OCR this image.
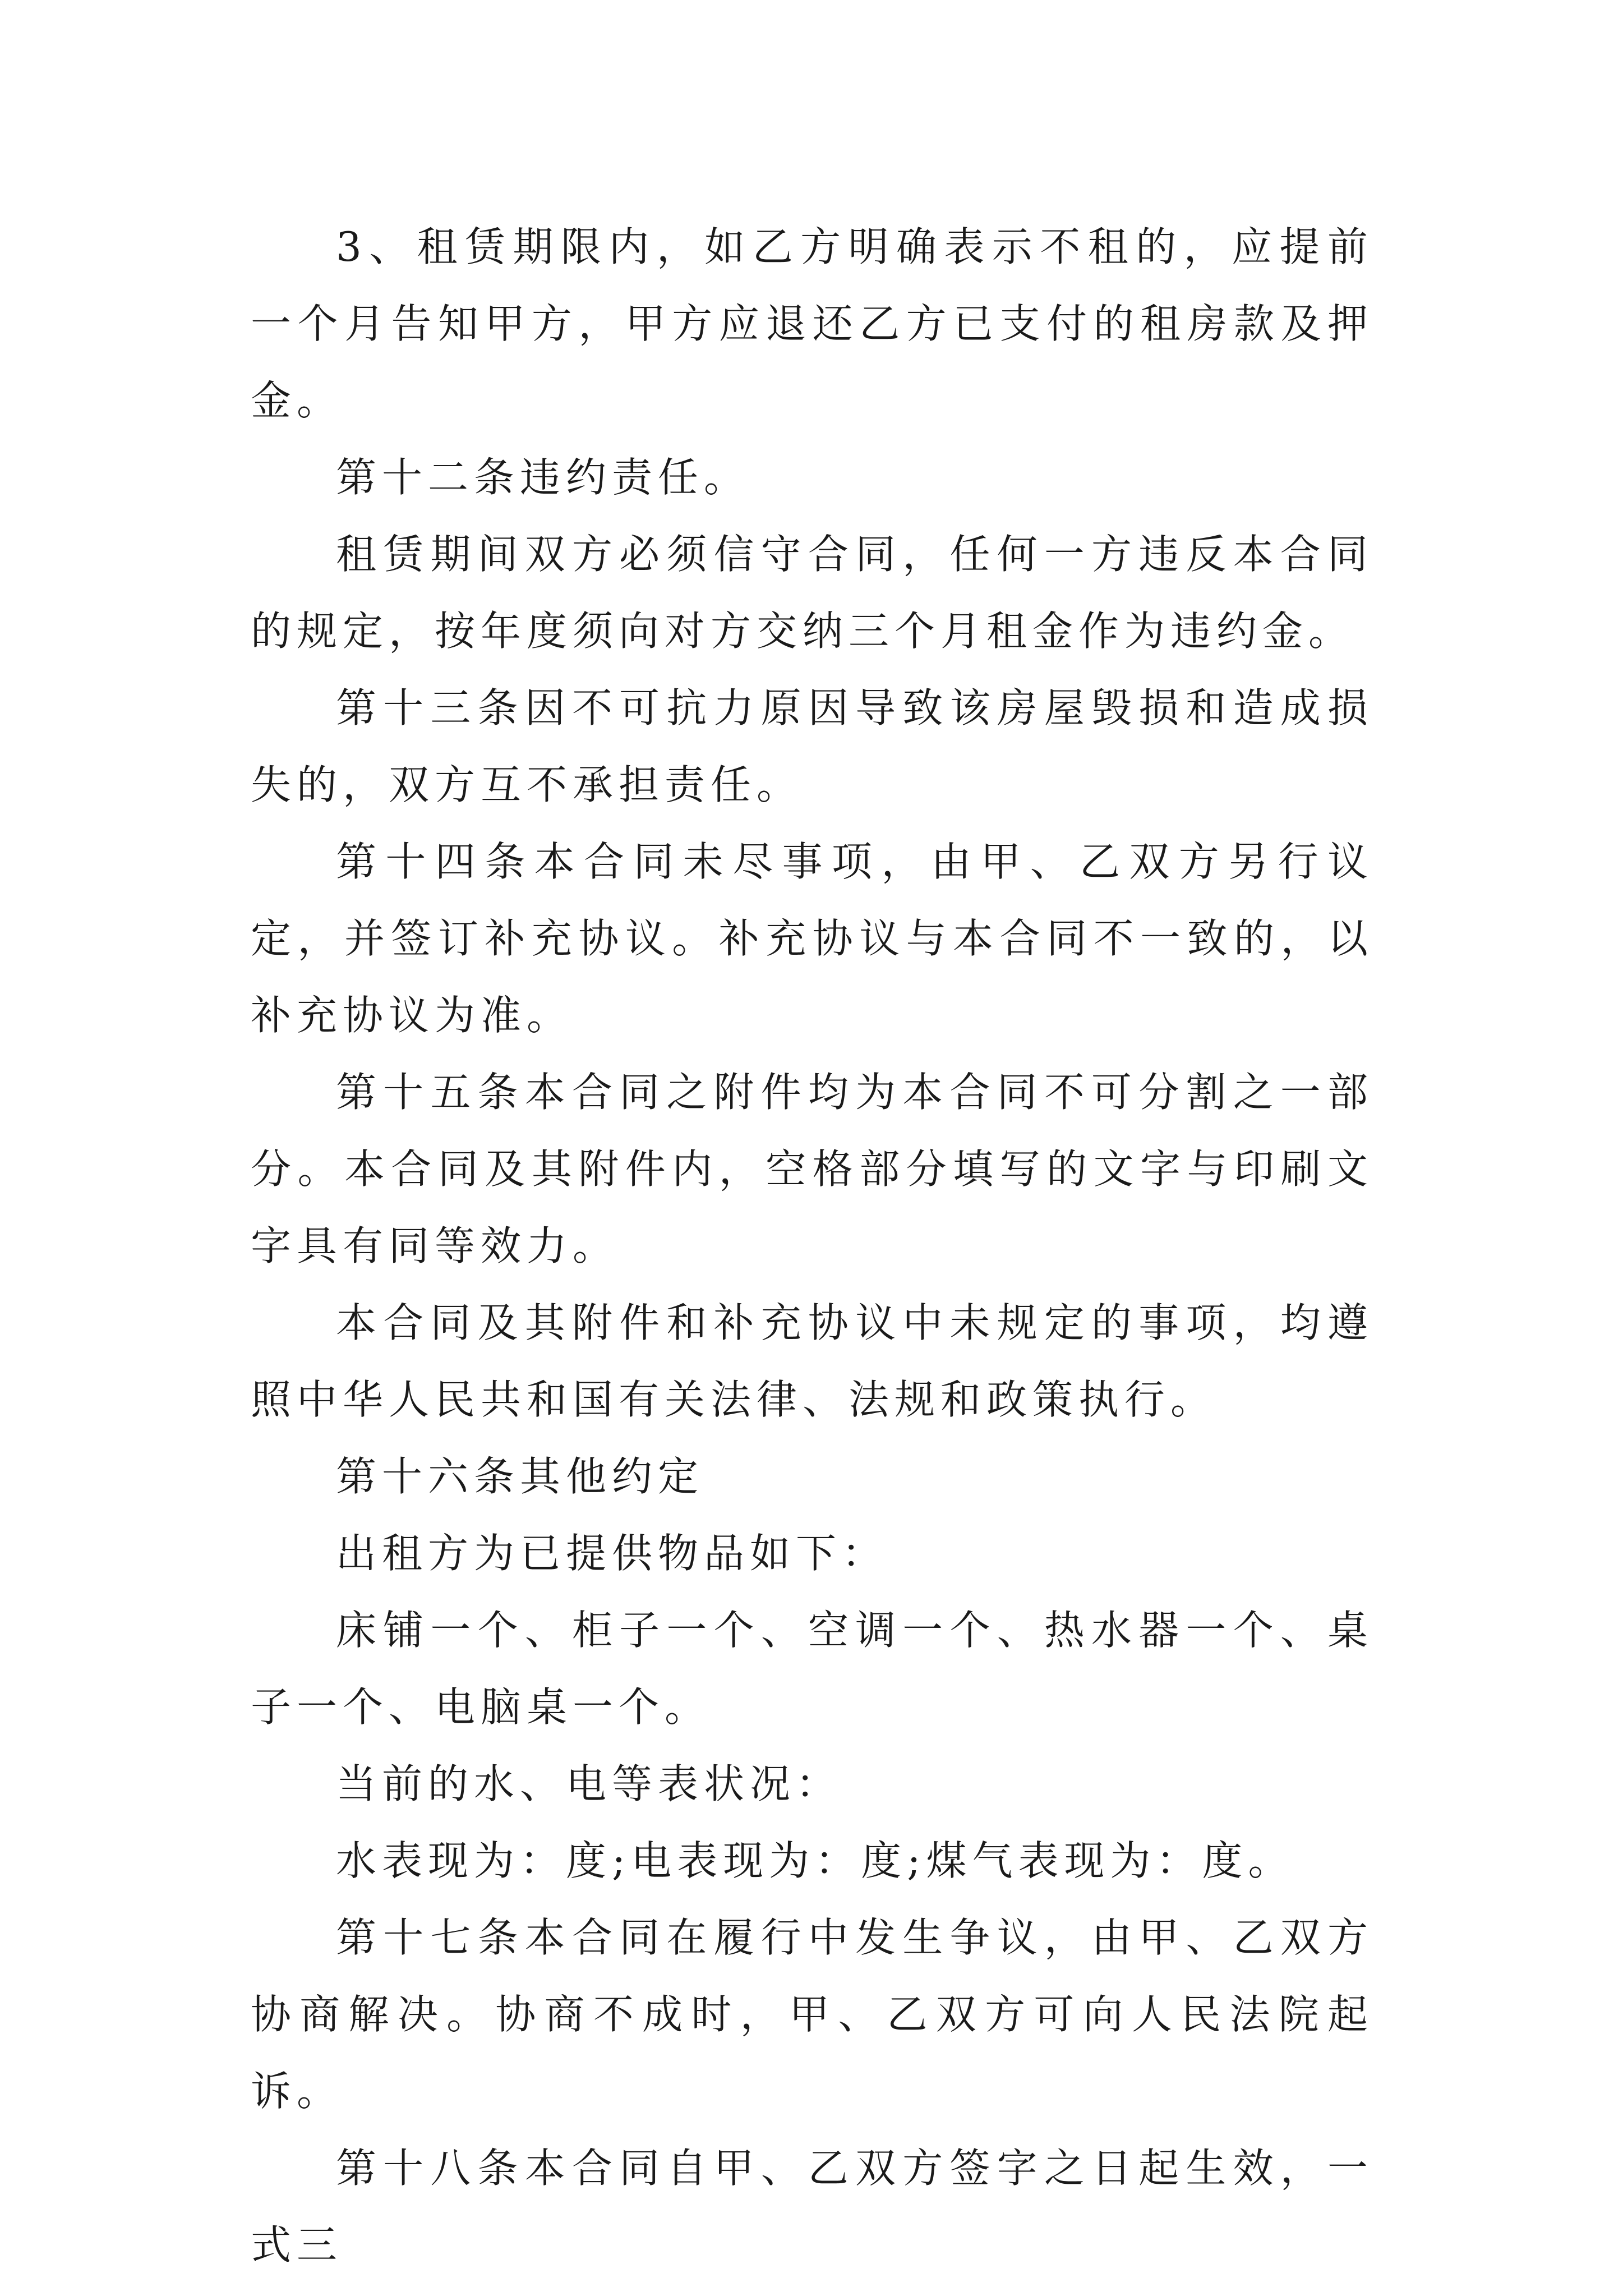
3、租赁期限内，如乙方明确表示不租的，应提前一个月告知甲方，甲方应退还乙方已支付的租房款及押金。

第十二条违约责任。

租赁期间双方必须信守合同，任何一方违反本合同的规定，按年度须向对方交纳三个月租金作为违约金。

第十三条因不可抗力原因导致该房屋毁损和造成损失的，双方互不承担责任。

第十四条本合同未尽事项，由甲、乙双方另行议定，并签订补充协议。补充协议与本合同不一致的，以补充协议为准。

第十五条本合同之附件均为本合同不可分割之一部分。本合同及其附件内，空格部分填写的文字与印刷文字具有同等效力。

本合同及其附件和补充协议中未规定的事项，均遵照中华人民共和国有关法律、法规和政策执行。

第十六条其他约定

出租方为已提供物品如下：

床铺一个、柜子一个、空调一个、热水器一个、桌子一个、电脑桌一个。

当前的水、电等表状况：

水表现为：度;电表现为：度;煤气表现为：度。

第十七条本合同在履行中发生争议，由甲、乙双方协商解决。协商不成时，甲、乙双方可向人民法院起诉。

第十八条本合同自甲、乙双方签字之日起生效，一式三
